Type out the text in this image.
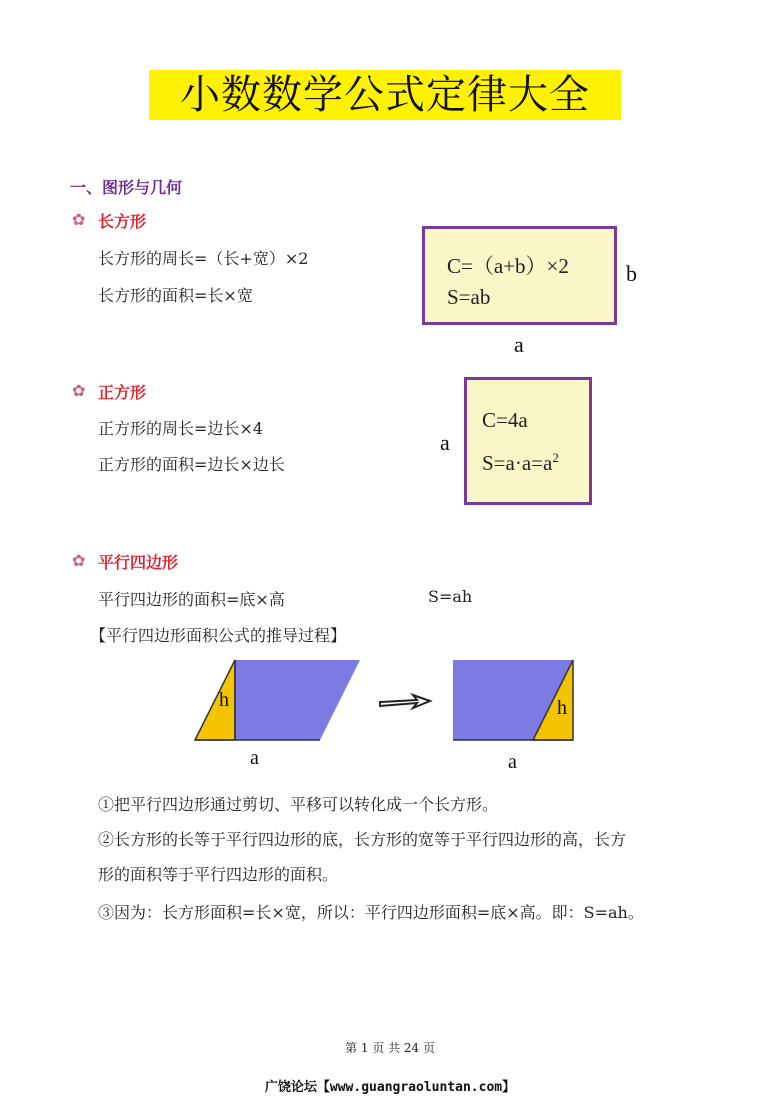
小数数学公式定律大全
一、图形与几何
✿ 长方形
长方形的周长=（长+宽）×2
长方形的面积=长×宽
C=（a+b）×2
S=ab
b
a
✿ 正方形
正方形的周长=边长×4
正方形的面积=边长×边长
C=4a
$S=a\cdot a=a^2$
a
✿ 平行四边形
平行四边形的面积=底×高	S=ah
【平行四边形面积公式的推导过程】
h	h
a	a
①把平行四边形通过剪切、平移可以转化成一个长方形。
②长方形的长等于平行四边形的底，长方形的宽等于平行四边形的高，长方
形的面积等于平行四边形的面积。
③因为：长方形面积=长×宽，所以：平行四边形面积=底×高。即：S=ah。
第 1 页 共 24 页
广饶论坛【www.guangraoluntan.com】
